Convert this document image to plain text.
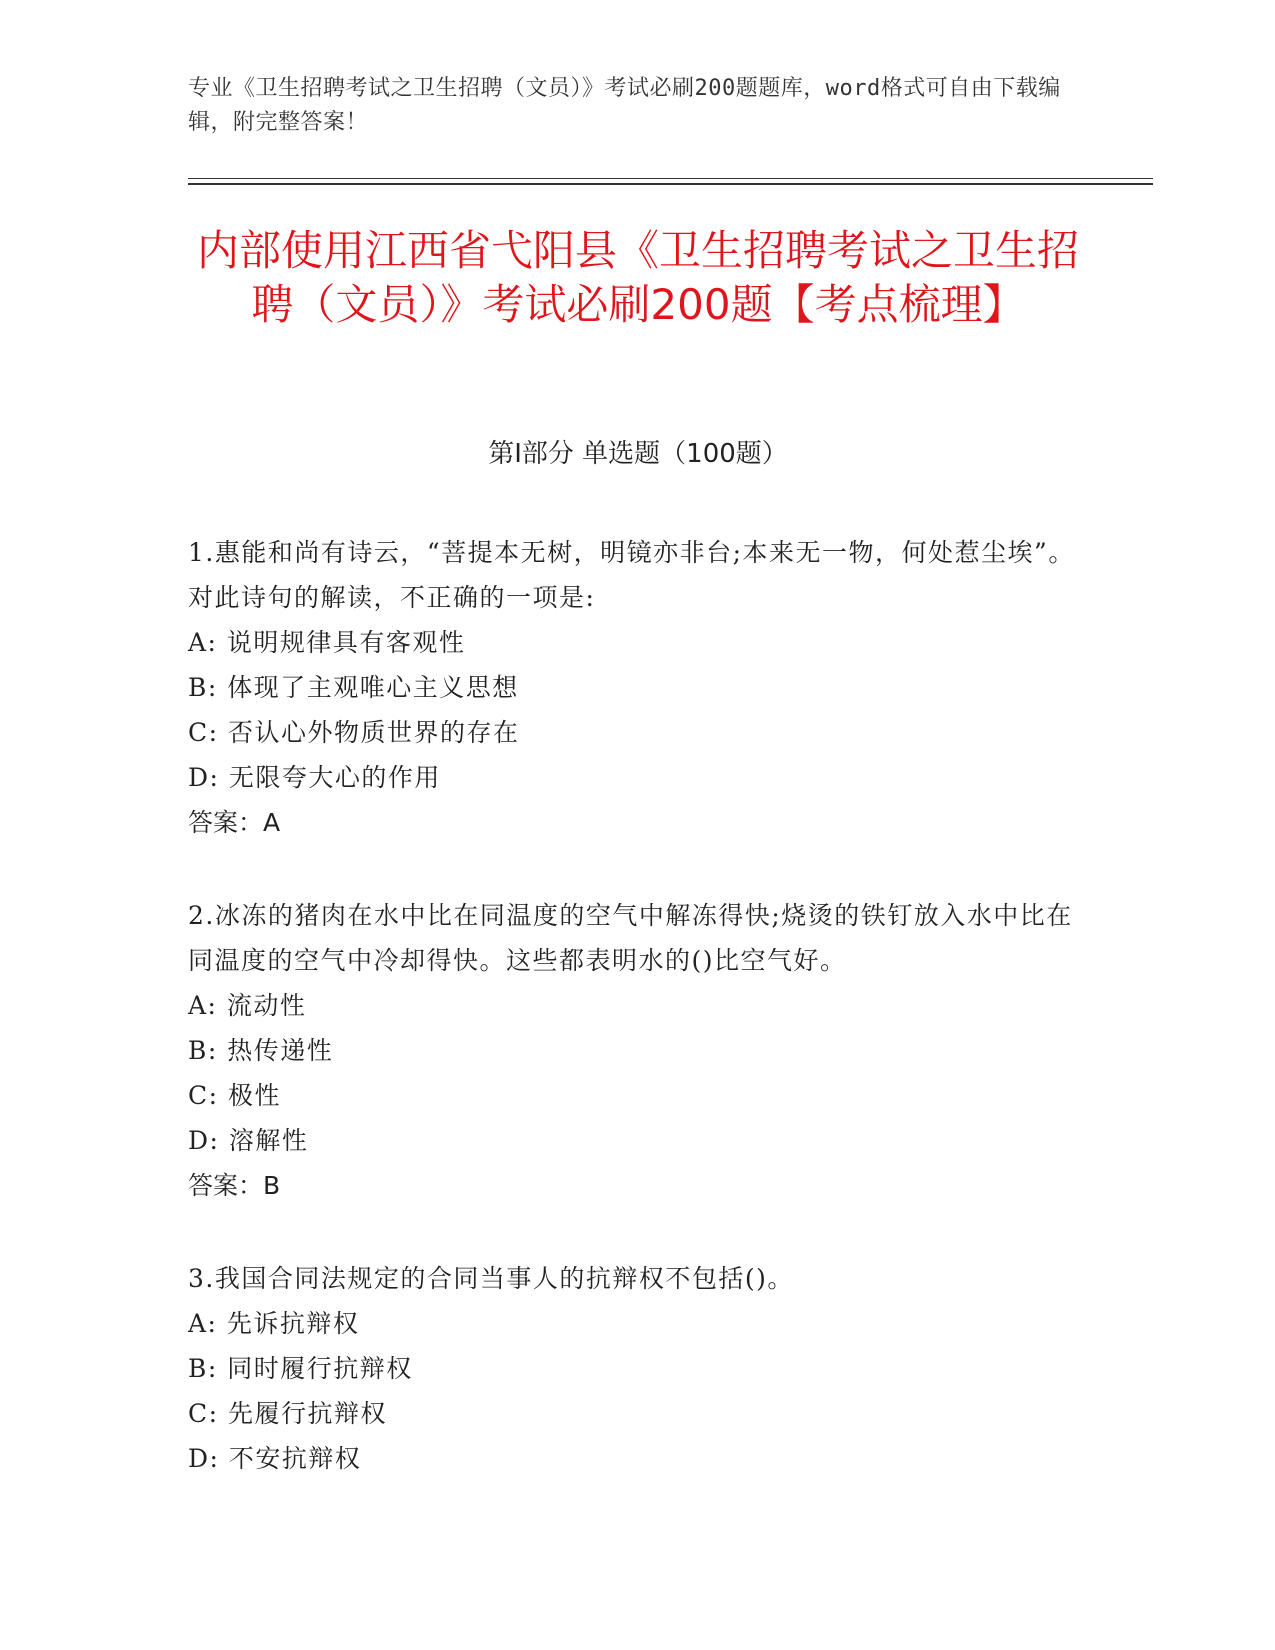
专业《卫生招聘考试之卫生招聘（文员）》考试必刷200题题库，word格式可自由下载编辑，附完整答案！
内部使用江西省弋阳县《卫生招聘考试之卫生招聘（文员）》考试必刷200题【考点梳理】
第I部分 单选题（100题）

1.惠能和尚有诗云，“菩提本无树，明镜亦非台;本来无一物，何处惹尘埃”。对此诗句的解读，不正确的一项是:

A: 说明规律具有客观性

B: 体现了主观唯心主义思想

C: 否认心外物质世界的存在

D: 无限夸大心的作用

答案：A

2.冰冻的猪肉在水中比在同温度的空气中解冻得快;烧烫的铁钉放入水中比在同温度的空气中冷却得快。这些都表明水的()比空气好。

A: 流动性

B: 热传递性

C: 极性

D: 溶解性

答案：B

3.我国合同法规定的合同当事人的抗辩权不包括()。

A: 先诉抗辩权

B: 同时履行抗辩权

C: 先履行抗辩权

D: 不安抗辩权
